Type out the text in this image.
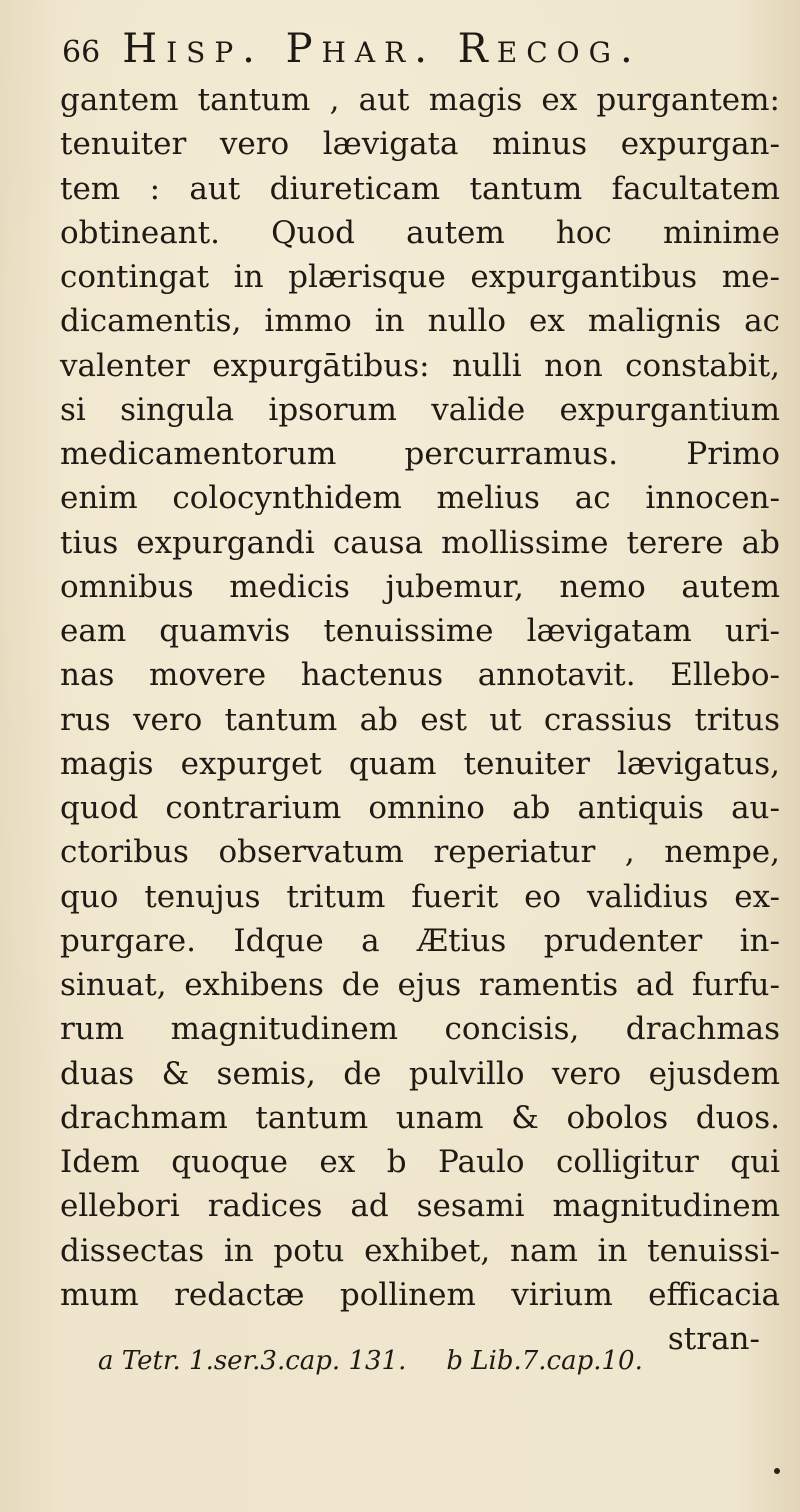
66 Hisp. Phar. Recog.
gantem tantum , aut magis ex purgantem:
tenuiter vero lævigata minus expurgan-
tem : aut diureticam tantum facultatem
obtineant. Quod autem hoc minime
contingat in plærisque expurgantibus me-
dicamentis, immo in nullo ex malignis ac
valenter expurgātibus: nulli non constabit,
si singula ipsorum valide expurgantium
medicamentorum percurramus. Primo
enim colocynthidem melius ac innocen-
tius expurgandi causa mollissime terere ab
omnibus medicis jubemur, nemo autem
eam quamvis tenuissime lævigatam uri-
nas movere hactenus annotavit. Ellebo-
rus vero tantum ab est ut crassius tritus
magis expurget quam tenuiter lævigatus,
quod contrarium omnino ab antiquis au-
ctoribus observatum reperiatur , nempe,
quo tenujus tritum fuerit eo validius ex-
purgare. Idque a Ætius prudenter in-
sinuat, exhibens de ejus ramentis ad furfu-
rum magnitudinem concisis, drachmas
duas & semis, de pulvillo vero ejusdem
drachmam tantum unam & obolos duos.
Idem quoque ex b Paulo colligitur qui
ellebori radices ad sesami magnitudinem
dissectas in potu exhibet, nam in tenuissi-
mum redactæ pollinem virium efficacia
stran-
a Tetr. 1.ser.3.cap. 131. b Lib.7.cap.10.
